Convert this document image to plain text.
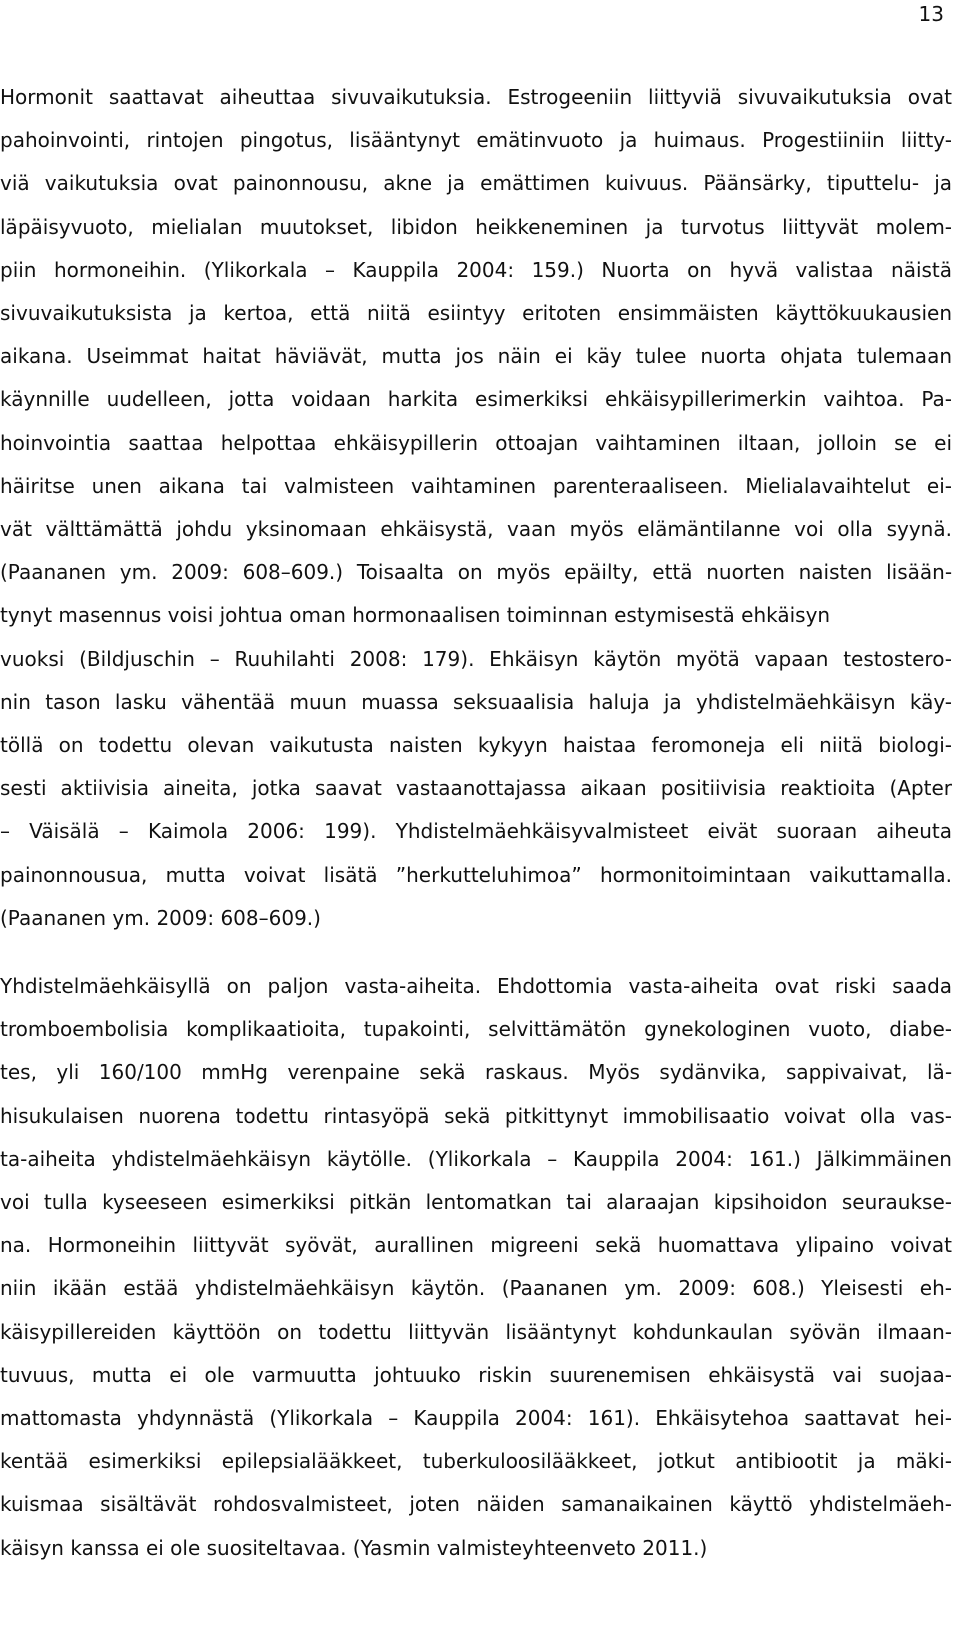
13
Hormonit saattavat aiheuttaa sivuvaikutuksia. Estrogeeniin liittyviä sivuvaikutuksia ovat
pahoinvointi, rintojen pingotus, lisääntynyt emätinvuoto ja huimaus. Progestiiniin liitty-
viä vaikutuksia ovat painonnousu, akne ja emättimen kuivuus. Päänsärky, tiputtelu- ja
läpäisyvuoto, mielialan muutokset, libidon heikkeneminen ja turvotus liittyvät molem-
piin hormoneihin. (Ylikorkala – Kauppila 2004: 159.) Nuorta on hyvä valistaa näistä
sivuvaikutuksista ja kertoa, että niitä esiintyy eritoten ensimmäisten käyttökuukausien
aikana. Useimmat haitat häviävät, mutta jos näin ei käy tulee nuorta ohjata tulemaan
käynnille uudelleen, jotta voidaan harkita esimerkiksi ehkäisypillerimerkin vaihtoa. Pa-
hoinvointia saattaa helpottaa ehkäisypillerin ottoajan vaihtaminen iltaan, jolloin se ei
häiritse unen aikana tai valmisteen vaihtaminen parenteraaliseen. Mielialavaihtelut ei-
vät välttämättä johdu yksinomaan ehkäisystä, vaan myös elämäntilanne voi olla syynä.
(Paananen ym. 2009: 608–609.) Toisaalta on myös epäilty, että nuorten naisten lisään-
tynyt masennus voisi johtua oman hormonaalisen toiminnan estymisestä ehkäisyn
vuoksi (Bildjuschin – Ruuhilahti 2008: 179). Ehkäisyn käytön myötä vapaan testostero-
nin tason lasku vähentää muun muassa seksuaalisia haluja ja yhdistelmäehkäisyn käy-
töllä on todettu olevan vaikutusta naisten kykyyn haistaa feromoneja eli niitä biologi-
sesti aktiivisia aineita, jotka saavat vastaanottajassa aikaan positiivisia reaktioita (Apter
– Väisälä – Kaimola 2006: 199). Yhdistelmäehkäisyvalmisteet eivät suoraan aiheuta
painonnousua, mutta voivat lisätä ”herkutteluhimoa” hormonitoimintaan vaikuttamalla.
(Paananen ym. 2009: 608–609.)
Yhdistelmäehkäisyllä on paljon vasta-aiheita. Ehdottomia vasta-aiheita ovat riski saada
tromboembolisia komplikaatioita, tupakointi, selvittämätön gynekologinen vuoto, diabe-
tes, yli 160/100 mmHg verenpaine sekä raskaus. Myös sydänvika, sappivaivat, lä-
hisukulaisen nuorena todettu rintasyöpä sekä pitkittynyt immobilisaatio voivat olla vas-
ta-aiheita yhdistelmäehkäisyn käytölle. (Ylikorkala – Kauppila 2004: 161.) Jälkimmäinen
voi tulla kyseeseen esimerkiksi pitkän lentomatkan tai alaraajan kipsihoidon seuraukse-
na. Hormoneihin liittyvät syövät, aurallinen migreeni sekä huomattava ylipaino voivat
niin ikään estää yhdistelmäehkäisyn käytön. (Paananen ym. 2009: 608.) Yleisesti eh-
käisypillereiden käyttöön on todettu liittyvän lisääntynyt kohdunkaulan syövän ilmaan-
tuvuus, mutta ei ole varmuutta johtuuko riskin suurenemisen ehkäisystä vai suojaa-
mattomasta yhdynnästä (Ylikorkala – Kauppila 2004: 161). Ehkäisytehoa saattavat hei-
kentää esimerkiksi epilepsialääkkeet, tuberkuloosilääkkeet, jotkut antibiootit ja mäki-
kuismaa sisältävät rohdosvalmisteet, joten näiden samanaikainen käyttö yhdistelmäeh-
käisyn kanssa ei ole suositeltavaa. (Yasmin valmisteyhteenveto 2011.)
